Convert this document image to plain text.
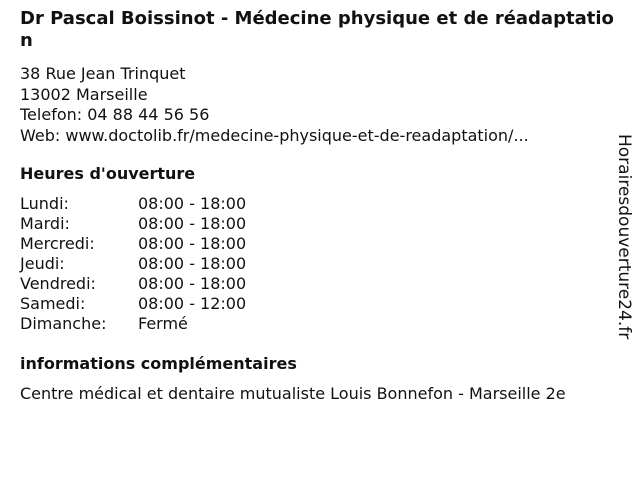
Dr Pascal Boissinot - Médecine physique et de réadaptation
38 Rue Jean Trinquet
13002 Marseille
Telefon: 04 88 44 56 56
Web: www.doctolib.fr/medecine-physique-et-de-readaptation/...
Heures d'ouverture
Lundi:	08:00 - 18:00
Mardi:	08:00 - 18:00
Mercredi:	08:00 - 18:00
Jeudi:	08:00 - 18:00
Vendredi:	08:00 - 18:00
Samedi:	08:00 - 12:00
Dimanche:	Fermé
informations complémentaires
Centre médical et dentaire mutualiste Louis Bonnefon - Marseille 2e
Horairesdouverture24.fr
